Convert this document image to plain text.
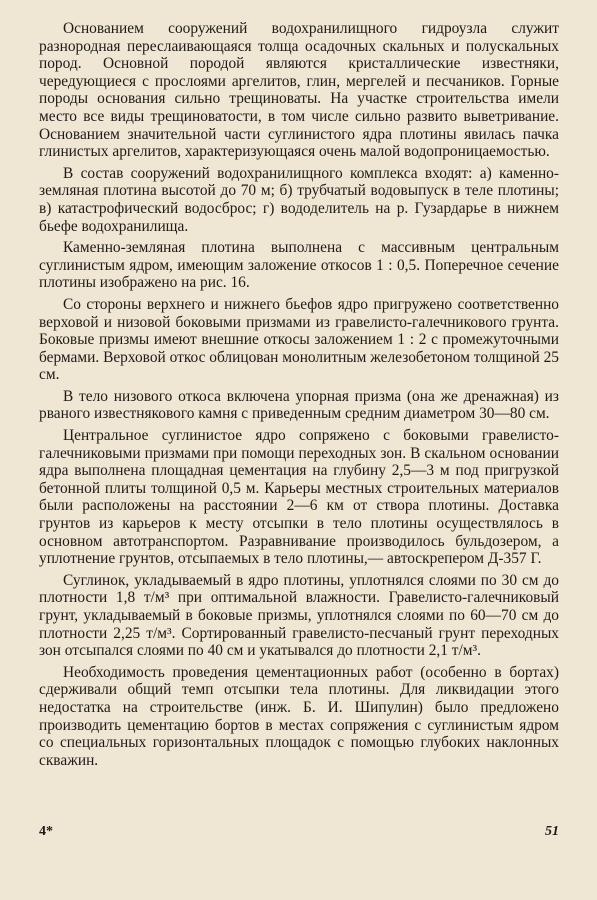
Основанием сооружений водохранилищного гидроузла служит разнородная переслаивающаяся толща осадочных скальных и полускальных пород. Основной породой являются кристаллические известняки, чередующиеся с прослоями аргелитов, глин, мергелей и песчаников. Горные породы основания сильно трещиноваты. На участке строительства имели место все виды трещиноватости, в том числе сильно развито выветривание. Основанием значительной части суглинистого ядра плотины явилась пачка глинистых аргелитов, характеризующаяся очень малой водопроницаемостью.

В состав сооружений водохранилищного комплекса входят: а) каменно-земляная плотина высотой до 70 м; б) трубчатый водовыпуск в теле плотины; в) катастрофический водосброс; г) вододелитель на р. Гузардарье в нижнем бьефе водохранилища.

Каменно-земляная плотина выполнена с массивным центральным суглинистым ядром, имеющим заложение откосов 1 : 0,5. Поперечное сечение плотины изображено на рис. 16.

Со стороны верхнего и нижнего бьефов ядро пригружено соответственно верховой и низовой боковыми призмами из гравелисто-галечникового грунта. Боковые призмы имеют внешние откосы заложением 1 : 2 с промежуточными бермами. Верховой откос облицован монолитным железобетоном толщиной 25 см.

В тело низового откоса включена упорная призма (она же дренажная) из рваного известнякового камня с приведенным средним диаметром 30—80 см.

Центральное суглинистое ядро сопряжено с боковыми гравелисто-галечниковыми призмами при помощи переходных зон. В скальном основании ядра выполнена площадная цементация на глубину 2,5—3 м под пригрузкой бетонной плиты толщиной 0,5 м. Карьеры местных строительных материалов были расположены на расстоянии 2—6 км от створа плотины. Доставка грунтов из карьеров к месту отсыпки в тело плотины осуществлялось в основном автотранспортом. Разравнивание производилось бульдозером, а уплотнение грунтов, отсыпаемых в тело плотины,— автоскрепером Д-357 Г.

Суглинок, укладываемый в ядро плотины, уплотнялся слоями по 30 см до плотности 1,8 т/м³ при оптимальной влажности. Гравелисто-галечниковый грунт, укладываемый в боковые призмы, уплотнялся слоями по 60—70 см до плотности 2,25 т/м³. Сортированный гравелисто-песчаный грунт переходных зон отсыпался слоями по 40 см и укатывался до плотности 2,1 т/м³.

Необходимость проведения цементационных работ (особенно в бортах) сдерживали общий темп отсыпки тела плотины. Для ликвидации этого недостатка на строительстве (инж. Б. И. Шипулин) было предложено производить цементацию бортов в местах сопряжения с суглинистым ядром со специальных горизонтальных площадок с помощью глубоких наклонных скважин.

4*	51
